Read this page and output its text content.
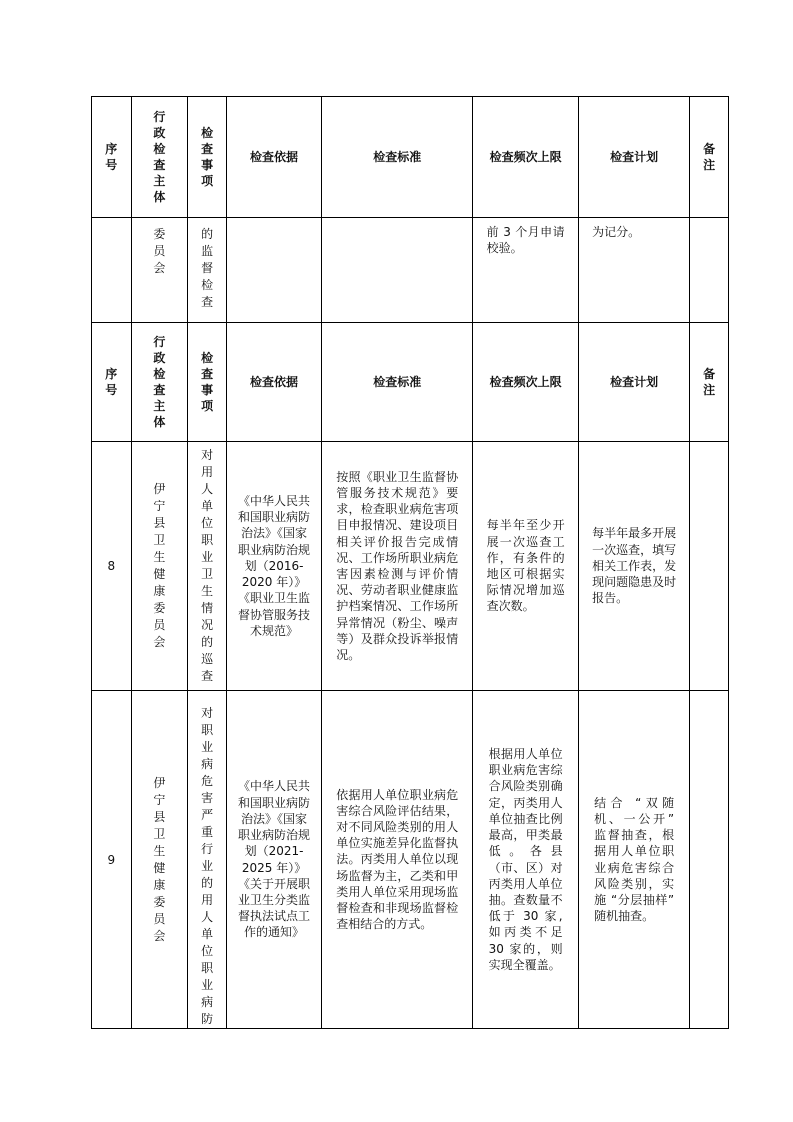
序号	行政检查主体	检查事项	检查依据	检查标准	检查频次上限	检查计划	备注
	委员会	的监督检查			前 3 个月申请校验。	为记分。	
序号	行政检查主体	检查事项	检查依据	检查标准	检查频次上限	检查计划	备注
8	伊宁县卫生健康委员会	对用人单位职业卫生情况的巡查	《中华人民共和国职业病防治法》《国家职业病防治规划（2016-2020 年）》《职业卫生监督协管服务技术规范》	按照《职业卫生监督协管服务技术规范》要求，检查职业病危害项目申报情况、建设项目相关评价报告完成情况、工作场所职业病危害因素检测与评价情况、劳动者职业健康监护档案情况、工作场所异常情况（粉尘、噪声等）及群众投诉举报情况。	每半年至少开展一次巡查工作，有条件的地区可根据实际情况增加巡查次数。	每半年最多开展一次巡查，填写相关工作表，发现问题隐患及时报告。	
9	伊宁县卫生健康委员会	对职业病危害严重行业的用人单位职业病防	《中华人民共和国职业病防治法》《国家职业病防治规划（2021-2025 年）》《关于开展职业卫生分类监督执法试点工作的通知》	依据用人单位职业病危害综合风险评估结果，对不同风险类别的用人单位实施差异化监督执法。丙类用人单位以现场监督为主，乙类和甲类用人单位采用现场监督检查和非现场监督检查相结合的方式。	根据用人单位职业病危害综合风险类别确定，丙类用人单位抽查比例最高，甲类最低。各县（市、区）对丙类用人单位抽。查数量不低于 30 家,如丙类不足 30 家的，则实现全覆盖。	结合 “双随机、一公开” 监督抽查，根据用人单位职业病危害综合风险类别，实施 “分层抽样” 随机抽查。	
